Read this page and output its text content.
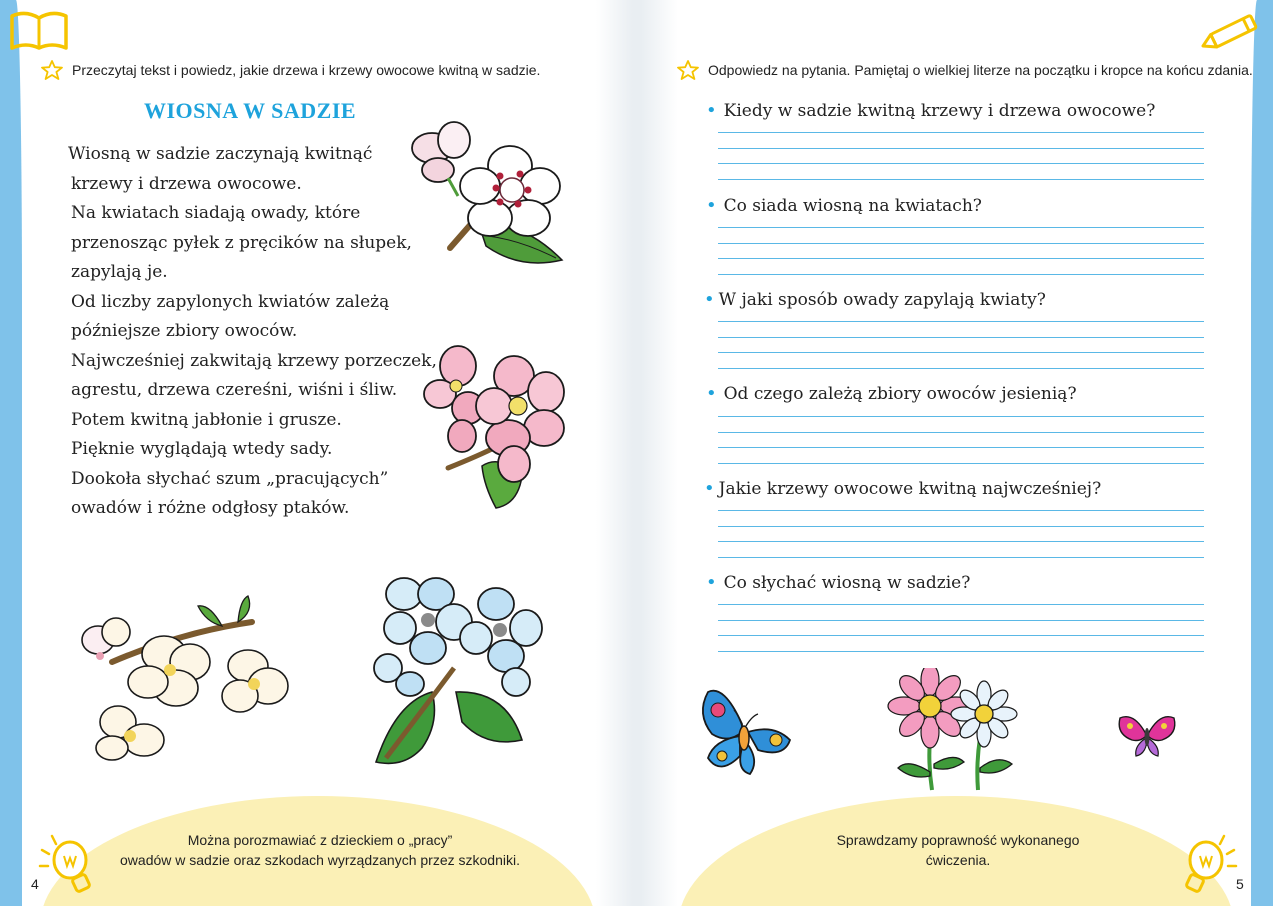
Przeczytaj tekst i powiedz, jakie drzewa i krzewy owocowe kwitną w sadzie.
WIOSNA W SADZIE
Wiosną w sadzie zaczynają kwitnąć
krzewy i drzewa owocowe.
Na kwiatach siadają owady, które
przenosząc pyłek z pręcików na słupek,
zapylają je.
Od liczby zapylonych kwiatów zależą
późniejsze zbiory owoców.
Najwcześniej zakwitają krzewy porzeczek,
agrestu, drzewa czereśni, wiśni i śliw.
Potem kwitną jabłonie i grusze.
Pięknie wyglądają wtedy sady.
Dookoła słychać szum „pracujących”
owadów i różne odgłosy ptaków.
Można porozmawiać z dzieckiem o „pracy”
owadów w sadzie oraz szkodach wyrządzanych przez szkodniki.
4
Odpowiedz na pytania. Pamiętaj o wielkiej literze na początku i kropce na końcu zdania.
• Kiedy w sadzie kwitną krzewy i drzewa owocowe?
• Co siada wiosną na kwiatach?
• W jaki sposób owady zapylają kwiaty?
• Od czego zależą zbiory owoców jesienią?
• Jakie krzewy owocowe kwitną najwcześniej?
• Co słychać wiosną w sadzie?
Sprawdzamy poprawność wykonanego
ćwiczenia.
5
